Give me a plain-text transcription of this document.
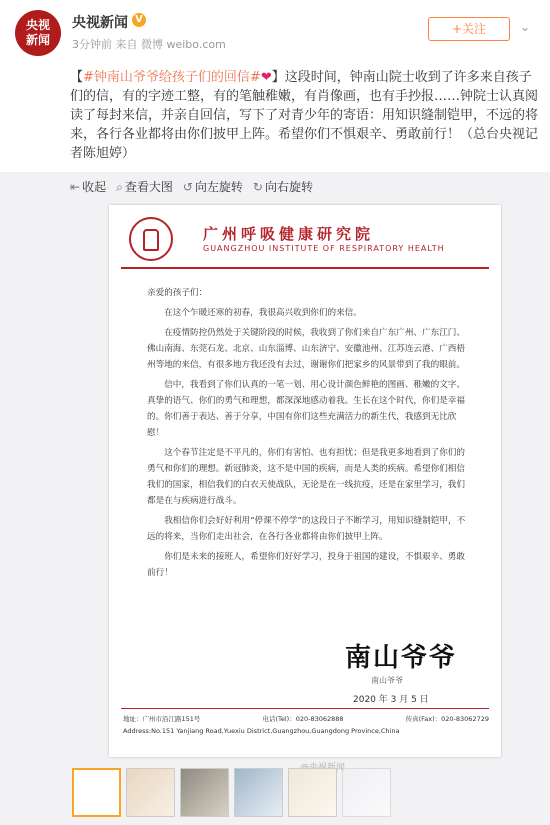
央视
新闻
央视新闻 V
3分钟前 来自 微博 weibo.com
+关注	⌄
【#钟南山爷爷给孩子们的回信#❤】这段时间，钟南山院士收到了许多来自孩子们的信，有的字迹工整，有的笔触稚嫩，有肖像画，也有手抄报……钟院士认真阅读了每封来信，并亲自回信，写下了对青少年的寄语：用知识缝制铠甲，不远的将来，各行各业都将由你们披甲上阵。希望你们不惧艰辛、勇敢前行！（总台央视记者陈旭婷）
⇤ 收起 ⌕ 查看大图 ↺ 向左旋转 ↻ 向右旋转
广州呼吸健康研究院
GUANGZHOU INSTITUTE OF RESPIRATORY HEALTH

亲爱的孩子们：

在这个乍暖还寒的初春，我很高兴收到你们的来信。

在疫情防控仍然处于关键阶段的时候，我收到了你们来自广东广州、广东江门、佛山南海、东莞石龙、北京、山东淄博、山东济宁、安徽池州、江苏连云港、广西梧州等地的来信，有很多地方我还没有去过，谢谢你们把家乡的风景带到了我的眼前。

信中，我看到了你们认真的一笔一划、用心设计颜色鲜艳的图画、稚嫩的文字、真挚的语气、你们的勇气和理想，都深深地感动着我。生长在这个时代，你们是幸福的。你们善于表达、善于分享，中国有你们这些充满活力的新生代，我感到无比欣慰！

这个春节注定是不平凡的，你们有害怕、也有担忧；但是我更多地看到了你们的勇气和你们的理想。新冠肺炎，这不是中国的疾病，而是人类的疾病。希望你们相信我们的国家，相信我们的白衣天使战队，无论是在一线抗疫，还是在家里学习，我们都是在与疾病进行战斗。

我相信你们会好好利用“停课不停学”的这段日子不断学习，用知识缝制铠甲，不远的将来，当你们走出社会，在各行各业都将由你们披甲上阵。

你们是未来的接班人，希望你们好好学习，投身于祖国的建设，不惧艰辛、勇敢前行！

南山爷爷
南山爷爷
2020 年 3 月 5 日
地址：广州市沿江路151号	电话(Tel)：020-83062888	传真(Fax)：020-83062729
Address:No.151 Yanjiang Road,Yuexiu District,Guangzhou,Guangdong Province,China
